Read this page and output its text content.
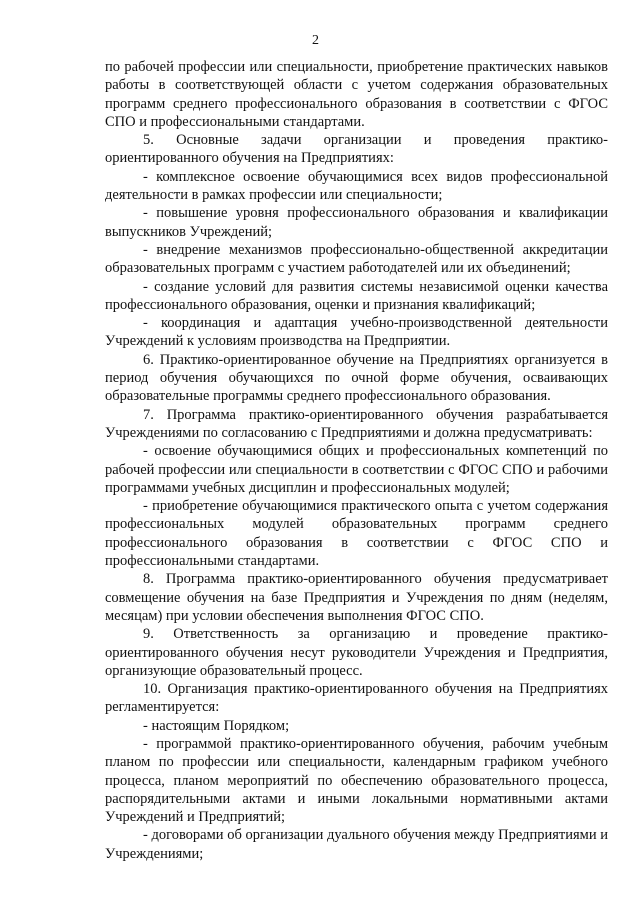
2

по рабочей профессии или специальности, приобретение практических навыков работы в соответствующей области с учетом содержания образовательных программ среднего профессионального образования в соответствии с ФГОС СПО и профессиональными стандартами.

5. Основные задачи организации и проведения практико-ориентированного обучения на Предприятиях:

- комплексное освоение обучающимися всех видов профессиональной деятельности в рамках профессии или специальности;

- повышение уровня профессионального образования и квалификации выпускников Учреждений;

- внедрение механизмов профессионально-общественной аккредитации образовательных программ с участием работодателей или их объединений;

- создание условий для развития системы независимой оценки качества профессионального образования, оценки и признания квалификаций;

- координация и адаптация учебно-производственной деятельности Учреждений к условиям производства на Предприятии.

6. Практико-ориентированное обучение на Предприятиях организуется в период обучения обучающихся по очной форме обучения, осваивающих образовательные программы среднего профессионального образования.

7. Программа практико-ориентированного обучения разрабатывается Учреждениями по согласованию с Предприятиями и должна предусматривать:

- освоение обучающимися общих и профессиональных компетенций по рабочей профессии или специальности в соответствии с ФГОС СПО и рабочими программами учебных дисциплин и профессиональных модулей;

- приобретение обучающимися практического опыта с учетом содержания профессиональных модулей образовательных программ среднего профессионального образования в соответствии с ФГОС СПО и профессиональными стандартами.

8. Программа практико-ориентированного обучения предусматривает совмещение обучения на базе Предприятия и Учреждения по дням (неделям, месяцам) при условии обеспечения выполнения ФГОС СПО.

9. Ответственность за организацию и проведение практико-ориентированного обучения несут руководители Учреждения и Предприятия, организующие образовательный процесс.

10. Организация практико-ориентированного обучения на Предприятиях регламентируется:

- настоящим Порядком;

- программой практико-ориентированного обучения, рабочим учебным планом по профессии или специальности, календарным графиком учебного процесса, планом мероприятий по обеспечению образовательного процесса, распорядительными актами и иными локальными нормативными актами Учреждений и Предприятий;

- договорами об организации дуального обучения между Предприятиями и Учреждениями;
